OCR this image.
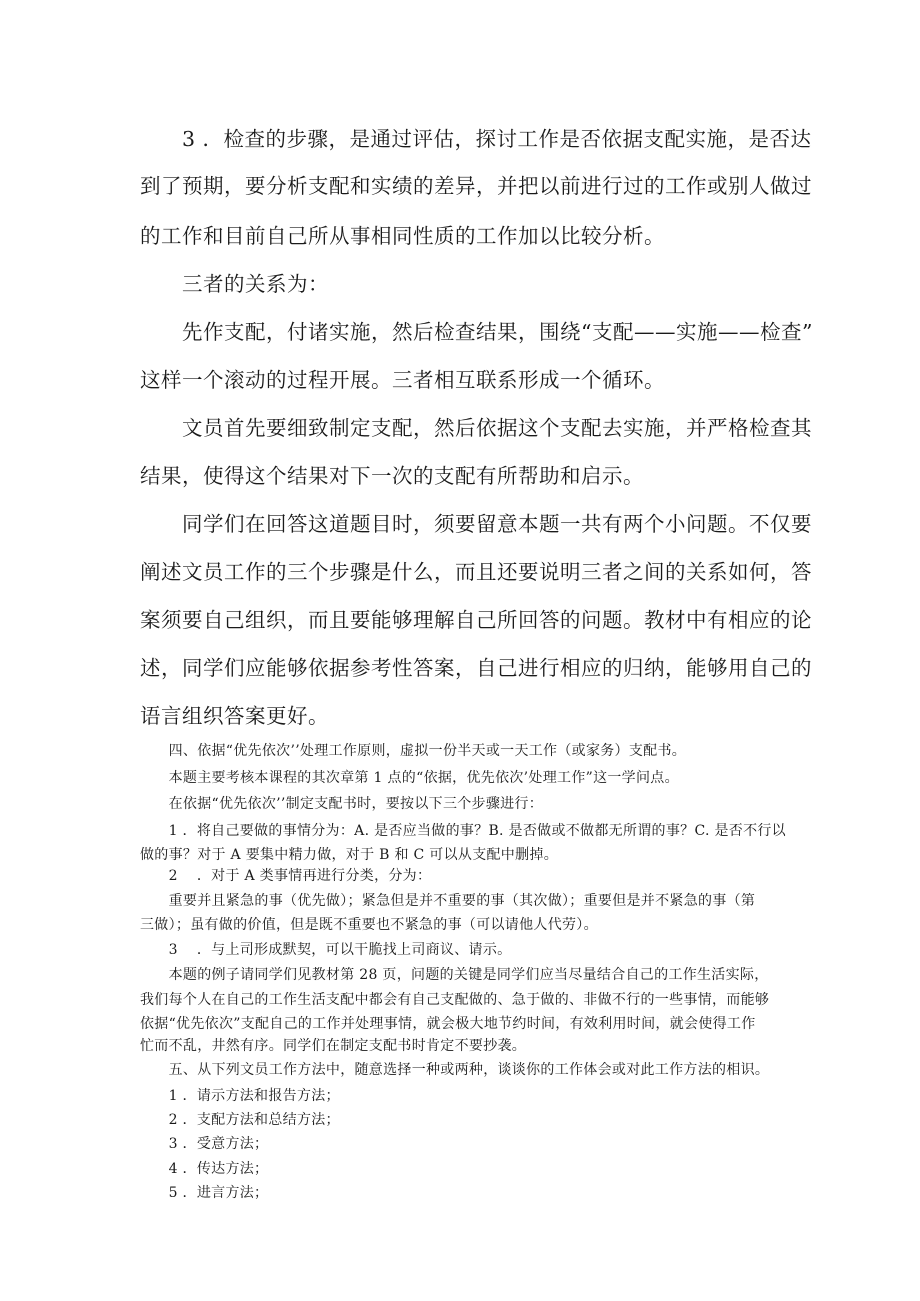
　　3 ．检查的步骤，是通过评估，探讨工作是否依据支配实施，是否达
到了预期，要分析支配和实绩的差异，并把以前进行过的工作或别人做过
的工作和目前自己所从事相同性质的工作加以比较分析。
　　三者的关系为：
　　先作支配，付诸实施，然后检查结果，围绕“支配——实施——检查”
这样一个滚动的过程开展。三者相互联系形成一个循环。
　　文员首先要细致制定支配，然后依据这个支配去实施，并严格检查其
结果，使得这个结果对下一次的支配有所帮助和启示。
　　同学们在回答这道题目时，须要留意本题一共有两个小问题。不仅要
阐述文员工作的三个步骤是什么，而且还要说明三者之间的关系如何，答
案须要自己组织，而且要能够理解自己所回答的问题。教材中有相应的论
述，同学们应能够依据参考性答案，自己进行相应的归纳，能够用自己的
语言组织答案更好。
　　四、依据“优先依次’’处理工作原则，虚拟一份半天或一天工作（或家务）支配书。
　　本题主要考核本课程的其次章第 1 点的“依据，优先依次’处理工作”这一学问点。
　　在依据“优先依次’’制定支配书时，要按以下三个步骤进行：
　　1 ．将自己要做的事情分为：A. 是否应当做的事？B. 是否做或不做都无所谓的事？C. 是否不行以
做的事？对于 A 要集中精力做，对于 B 和 C 可以从支配中删掉。
　　2　 ．对于 A 类事情再进行分类，分为：
　　重要并且紧急的事（优先做）；紧急但是并不重要的事（其次做）；重要但是并不紧急的事（第
三做）；虽有做的价值，但是既不重要也不紧急的事（可以请他人代劳）。
　　3　 ．与上司形成默契，可以干脆找上司商议、请示。
　　本题的例子请同学们见教材第 28 页，问题的关键是同学们应当尽量结合自己的工作生活实际，
我们每个人在自己的工作生活支配中都会有自己支配做的、急于做的、非做不行的一些事情，而能够
依据“优先依次”支配自己的工作并处理事情，就会极大地节约时间，有效利用时间，就会使得工作
忙而不乱，井然有序。同学们在制定支配书时肯定不要抄袭。
　　五、从下列文员工作方法中，随意选择一种或两种，谈谈你的工作体会或对此工作方法的相识。
　　1 ．请示方法和报告方法；
　　2 ．支配方法和总结方法；
　　3 ．受意方法；
　　4 ．传达方法；
　　5 ．进言方法；
